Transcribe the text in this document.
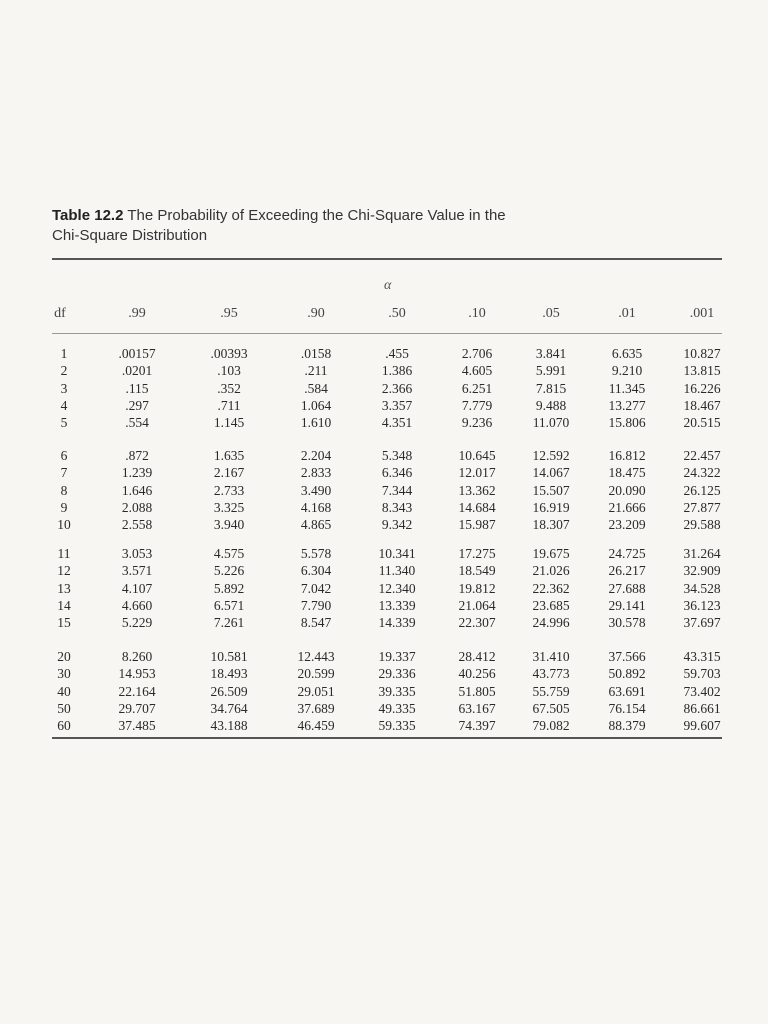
Table 12.2 The Probability of Exceeding the Chi-Square Value in the
Chi-Square Distribution
α
df	.99	.95	.90	.50	.10	.05	.01	.001
1	.00157	.00393	.0158	.455	2.706	3.841	6.635	10.827
2	.0201	.103	.211	1.386	4.605	5.991	9.210	13.815
3	.115	.352	.584	2.366	6.251	7.815	11.345	16.226
4	.297	.711	1.064	3.357	7.779	9.488	13.277	18.467
5	.554	1.145	1.610	4.351	9.236	11.070	15.806	20.515
6	.872	1.635	2.204	5.348	10.645	12.592	16.812	22.457
7	1.239	2.167	2.833	6.346	12.017	14.067	18.475	24.322
8	1.646	2.733	3.490	7.344	13.362	15.507	20.090	26.125
9	2.088	3.325	4.168	8.343	14.684	16.919	21.666	27.877
10	2.558	3.940	4.865	9.342	15.987	18.307	23.209	29.588
11	3.053	4.575	5.578	10.341	17.275	19.675	24.725	31.264
12	3.571	5.226	6.304	11.340	18.549	21.026	26.217	32.909
13	4.107	5.892	7.042	12.340	19.812	22.362	27.688	34.528
14	4.660	6.571	7.790	13.339	21.064	23.685	29.141	36.123
15	5.229	7.261	8.547	14.339	22.307	24.996	30.578	37.697
20	8.260	10.581	12.443	19.337	28.412	31.410	37.566	43.315
30	14.953	18.493	20.599	29.336	40.256	43.773	50.892	59.703
40	22.164	26.509	29.051	39.335	51.805	55.759	63.691	73.402
50	29.707	34.764	37.689	49.335	63.167	67.505	76.154	86.661
60	37.485	43.188	46.459	59.335	74.397	79.082	88.379	99.607
